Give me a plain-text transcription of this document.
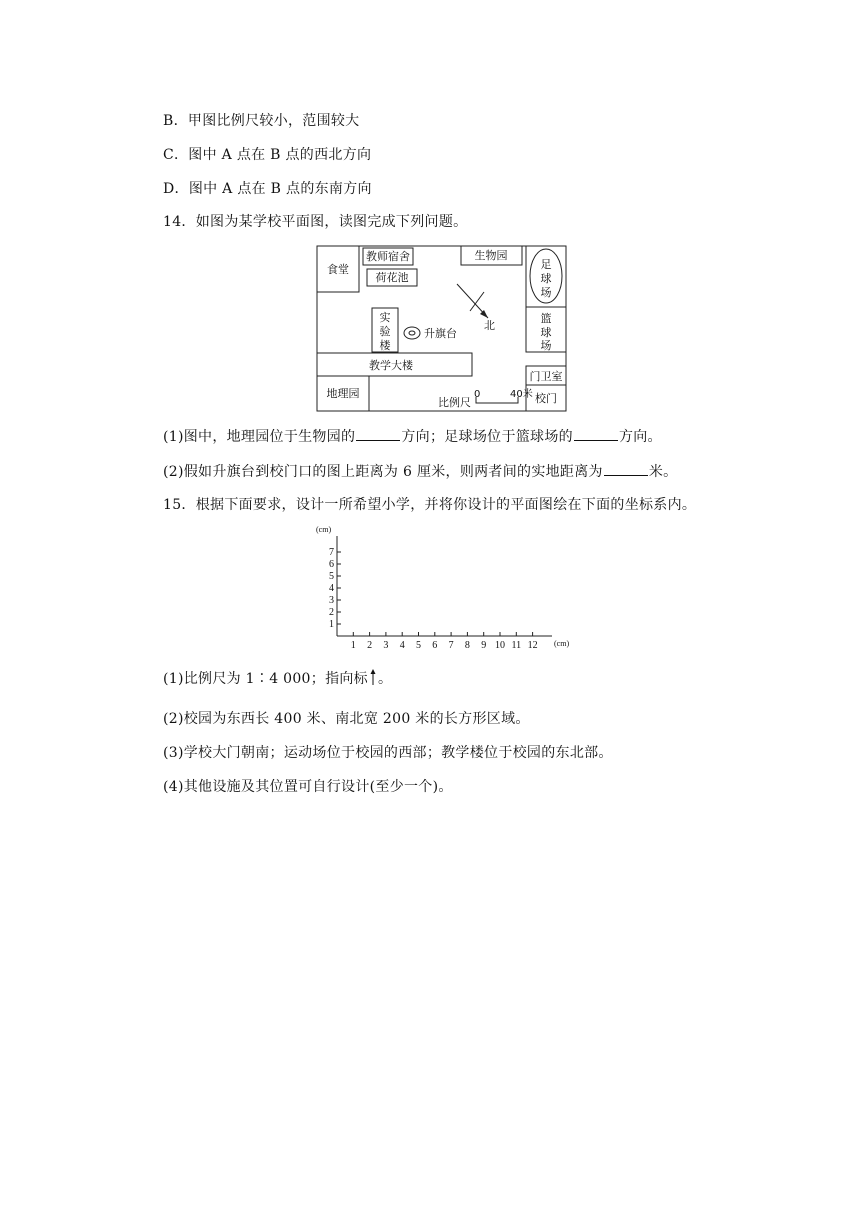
B．甲图比例尺较小，范围较大
C．图中 A 点在 B 点的西北方向
D．图中 A 点在 B 点的东南方向
14．如图为某学校平面图，读图完成下列问题。
食堂
教师宿舍
荷花池
生物园
足
球
场
篮
球
场
实
验
楼
升旗台
北
教学大楼
门卫室
地理园
比例尺
0	40米 校门
(1)图中，地理园位于生物园的	方向；足球场位于篮球场的	方向。
(2)假如升旗台到校门口的图上距离为 6 厘米，则两者间的实地距离为	米。
15．根据下面要求，设计一所希望小学，并将你设计的平面图绘在下面的坐标系内。
(cm)
(cm)
1
2
3
4
5
6
7
1 2 3 4 5 6 7 8 9 10 11 12
(1)比例尺为 1∶4 000；指向标 。
(2)校园为东西长 400 米、南北宽 200 米的长方形区域。
(3)学校大门朝南；运动场位于校园的西部；教学楼位于校园的东北部。
(4)其他设施及其位置可自行设计(至少一个)。
